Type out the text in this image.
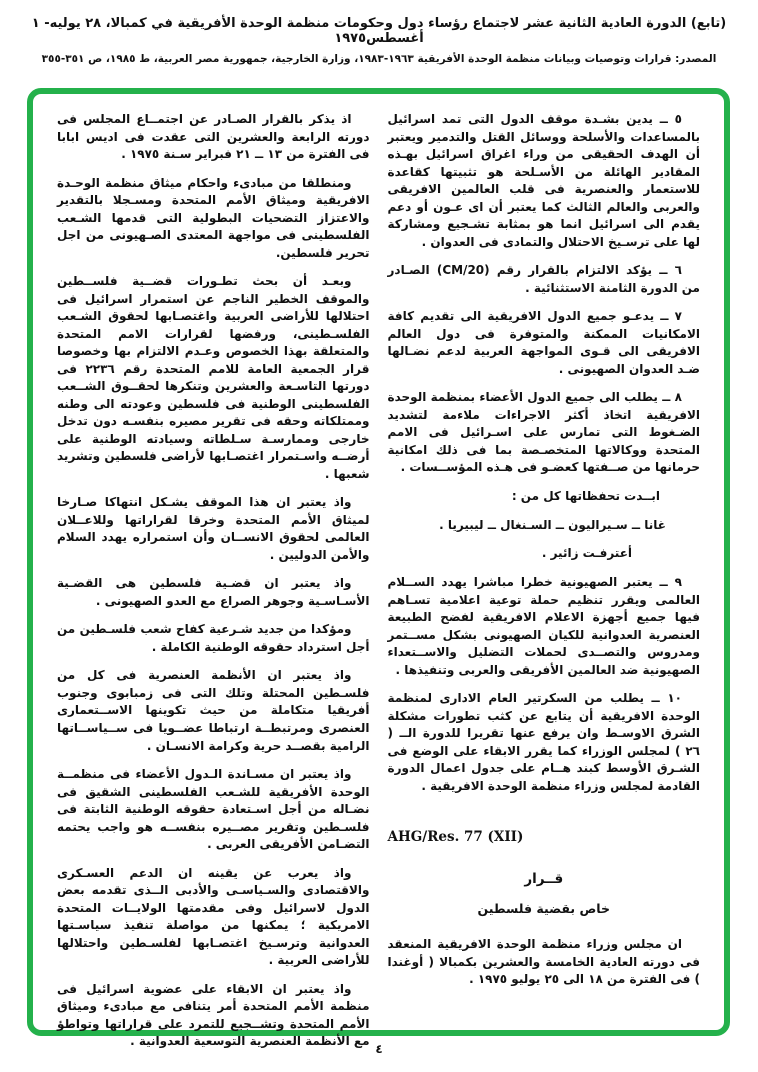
(تابع) الدورة العادية الثانية عشر لاجتماع رؤساء دول وحكومات منظمة الوحدة الأفريقية في كمبالا، ٢٨ يوليه- ١ أغسطس١٩٧٥
المصدر: قرارات وتوصيات وبيانات منظمة الوحدة الأفريقية ١٩٦٣-١٩٨٣، وزارة الخارجية، جمهورية مصر العربية، ط ١٩٨٥، ص ٣٥١-٣٥٥

٥ ــ يدين بشـدة موقف الدول التى تمد اسرائيل بالمساعدات والأسلحة ووسائل القتل والتدمير ويعتبر أن الهدف الحقيقى من وراء اغراق اسرائيل بهـذه المقادير الهائلة من الأسـلحة هو تثبيتها كقاعدة للاستعمار والعنصرية فى قلب العالمين الافريقى والعربى والعالم الثالث كما يعتبر أن اى عـون أو دعم يقدم الى اسرائيل انما هو بمثابة تشـجيع ومشاركة لها على ترسـيخ الاحتلال والتمادى فى العدوان .

٦ ــ يؤكد الالتزام بالقرار رقم (CM/20) الصـادر من الدورة الثامنة الاستثنائية .

٧ ــ يدعـو جميع الدول الافريقية الى تقديم كافة الامكانيات الممكنة والمتوفرة فى دول العالم الافريقى الى قـوى المواجهة العربية لدعم نضـالها ضـد العدوان الصهيونى .

٨ ــ يطلب الى جميع الدول الأعضاء بمنظمة الوحدة الافريقية اتخاذ أكثر الاجراءات ملاءمة لتشديد الضـغوط التى تمارس على اسـرائيل فى الامم المتحدة ووكالاتها المتخصـصة بما فى ذلك امكانية حرمانها من صــفتها كعضـو فى هـذه المؤســسات .

ابــدت تحفظاتها كل من :

غانا ــ سـيراليون ــ السـنغال ــ ليبيريا .

أعترفـت زائير .

٩ ــ يعتبر الصهيونية خطرا مباشرا يهدد الســلام العالمى ويقرر تنظيم حملة توعية اعلامية تسـاهم فيها جميع أجهزة الاعلام الافريقية لفضح الطبيعة العنصرية العدوانية للكيان الصهيونى بشكل مســتمر ومدروس والتصــدى لحملات التضليل والاســتعداء الصهيونية ضد العالمين الأفريقى والعربى وتنفيذها .

١٠ ــ يطلب من السكرتير العام الادارى لمنظمة الوحدة الافريقية أن يتابع عن كثب تطورات مشكلة الشرق الاوسـط وان يرفع عنها تقريرا للدورة الــ ( ٢٦ ) لمجلس الوزراء كما يقرر الابقاء على الوضع فى الشـرق الأوسط كبند هــام على جدول اعمال الدورة القادمة لمجلس وزراء منظمة الوحدة الافريقية .

AHG/Res. 77 (XII)
قــرار
خاص بقضية فلسطين

ان مجلس وزراء منظمة الوحدة الافريقية المنعقد فى دورته العادية الخامسة والعشرين بكمبالا ( أوغندا ) فى الفترة من ١٨ الى ٢٥ يوليو ١٩٧٥ .

اذ يذكر بالقرار الصـادر عن اجتمــاع المجلس فى دورته الرابعة والعشرين التى عقدت فى اديس ابابا فى الفترة من ١٣ ــ ٢١ فبراير سـنة ١٩٧٥ .

ومنطلقا من مبادىء واحكام ميثاق منظمة الوحـدة الافريقية وميثاق الأمم المتحدة ومسـجلا بالتقدير والاعتزاز التضحيات البطولية التى قدمها الشـعب الفلسطينى فى مواجهة المعتدى الصـهيونى من اجل تحرير فلسطين.

وبعـد أن بحث تطـورات قضــية فلســطين والموقف الخطير الناجم عن استمرار اسرائيل فى احتلالها للأراضى العربية واغتصـابها لحقوق الشـعب الفلسـطينى، ورفضها لقرارات الامم المتحدة والمتعلقة بهذا الخصوص وعـدم الالتزام بها وخصوصا قرار الجمعية العامة للامم المتحدة رقم ٢٢٣٦ فى دورتها التاسـعة والعشرين وتنكرها لحقــوق الشــعب الفلسطينى الوطنية فى فلسطين وعودته الى وطنه وممتلكاته وحقه فى تقرير مصيره بنفسـه دون تدخل خارجى وممارسـة سـلطاته وسيادته الوطنية على أرضــه واسـتمرار اغتصـابها لأراضى فلسطين وتشريد شعبها .

واذ يعتبر ان هذا الموقف يشـكل انتهاكا صـارخا لميثاق الأمم المتحدة وخرقا لقراراتها وللاعــلان العالمى لحقوق الانســان وأن استمراره يهدد السلام والأمن الدوليين .

واذ يعتبر ان قضـية فلسطين هى القضـية الأسـاسـية وجوهر الصراع مع العدو الصهيونى .

ومؤكدا من جديد شـرعية كفاح شعب فلسـطين من أجل استرداد حقوقه الوطنية الكاملة .

واذ يعتبر ان الأنظمة العنصرية فى كل من فلسـطين المحتلة وتلك التى فى زمبابوى وجنوب أفريقيا متكاملة من حيث تكوينها الاســتعمارى العنصرى ومرتبطــة ارتباطا عضــويا فى ســياســاتها الرامية بقصــد حرية وكرامة الانسـان .

واذ يعتبر ان مسـاندة الـدول الأعضاء فى منظمــة الوحدة الأفريقية للشـعب الفلسطينى الشقيق فى نضـاله من أجل اسـتعادة حقوقه الوطنية الثابتة فى فلسـطين وتقرير مصــيره بنفســه هو واجب يحتمه التضـامن الأفريقى العربى .

واذ يعرب عن يقينه ان الدعم العسـكرى والاقتصادى والسـياسـى والأدبى الــذى تقدمه بعض الدول لاسرائيل وفى مقدمتها الولايــات المتحدة الامريكية ؛ يمكنها من مواصلة تنفيذ سياسـتها العدوانية وترسـيخ اغتصـابها لفلسـطين واحتلالها للأراضى العربية .

واذ يعتبر ان الابقاء على عضوية اسرائيل فى منظمة الأمم المتحدة أمر يتنافى مع مبادىء وميثاق الأمم المتحدة وتشــجيع للتمرد على قراراتها وتواطؤ مع الأنظمة العنصرية التوسعية العدوانية .

٤
